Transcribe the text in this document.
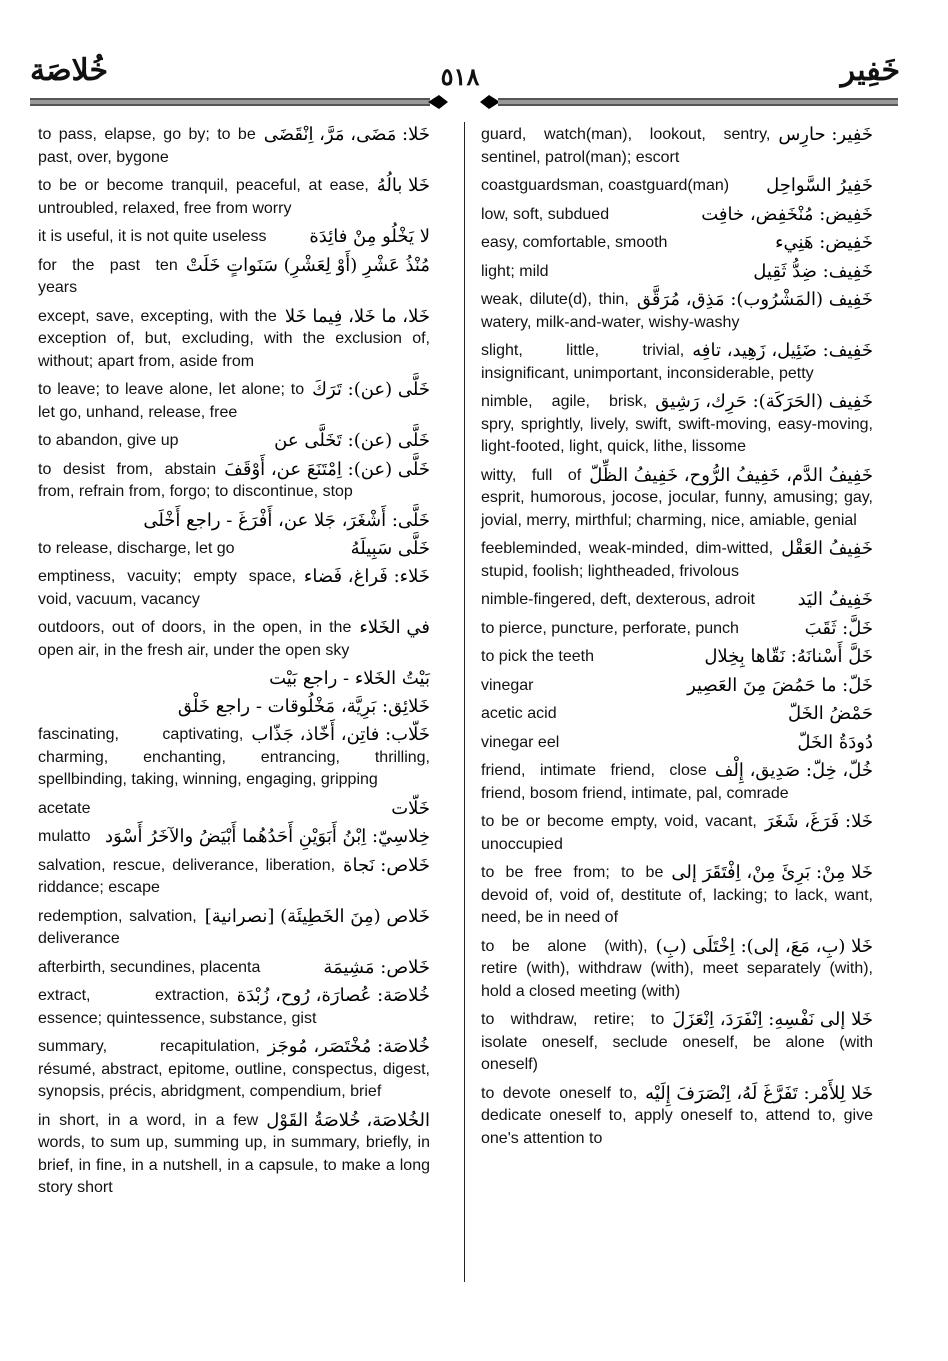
خُلاصَة	٥١٨	خَفِير
خَلا: مَضَى، مَرَّ، اِنْقَضَى
to pass, elapse, go by; to be past, over, bygone
خَلا بالُهُ
to be or become tranquil, peaceful, at ease, untroubled, relaxed, free from worry
لا يَخْلُو مِنْ فائِدَة
it is useful, it is not quite useless
مُنْذُ عَشْرِ (أَوْ لِعَشْرِ) سَنَواتٍ خَلَتْ
for the past ten years
خَلا، ما خَلا، فِيما خَلا
except, save, excepting, with the exception of, but, excluding, with the exclusion of, without; apart from, aside from
خَلَّى (عن): تَرَكَ
to leave; to leave alone, let alone; to let go, unhand, release, free
خَلَّى (عن): تَخَلَّى عن
to abandon, give up
خَلَّى (عن): اِمْتَنَعَ عن، أَوْقَفَ
to desist from, abstain from, refrain from, forgo; to discontinue, stop
خَلَّى: أَشْغَرَ، جَلا عن، أَفْرَغَ - راجع أَخْلَى
خَلَّى سَبِيلَهُ
to release, discharge, let go
خَلاء: فَراغ، فَضاء
emptiness, vacuity; empty space, void, vacuum, vacancy
في الخَلاء
outdoors, out of doors, in the open, in the open air, in the fresh air, under the open sky
بَيْتُ الخَلاء - راجع بَيْت
خَلائِق: بَرِيَّة، مَخْلُوقات - راجع خَلْق
خَلّاب: فاتِن، أَخّاذ، جَذّاب
fascinating, captivating, charming, enchanting, entrancing, thrilling, spellbinding, taking, winning, engaging, gripping
خَلّات
acetate
خِلاسِيّ: اِبْنُ أَبَوَيْنِ أَحَدُهُما أَبْيَضُ والآخَرُ أَسْوَد
mulatto
خَلاص: نَجاة
salvation, rescue, deliverance, liberation, riddance; escape
خَلاص (مِنَ الخَطِيئَة) [نصرانية]
redemption, salvation, deliverance
خَلاص: مَشِيمَة
afterbirth, secundines, placenta
خُلاصَة: عُصارَة، رُوح، زُبْدَة
extract, extraction, essence; quintessence, substance, gist
خُلاصَة: مُخْتَصَر، مُوجَز
summary, recapitulation, résumé, abstract, epitome, outline, conspectus, digest, synopsis, précis, abridgment, compendium, brief
الخُلاصَة، خُلاصَةُ القَوْل
in short, in a word, in a few words, to sum up, summing up, in summary, briefly, in brief, in fine, in a nutshell, in a capsule, to make a long story short
خَفِير: حارِس
guard, watch(man), lookout, sentry, sentinel, patrol(man); escort
خَفِيرُ السَّواحِل
coastguardsman, coastguard(man)
خَفِيض: مُنْخَفِض، خافِت
low, soft, subdued
خَفِيض: هَنِيء
easy, comfortable, smooth
خَفِيف: ضِدُّ ثَقِيل
light; mild
خَفِيف (المَشْرُوب): مَذِق، مُرَقَّق
weak, dilute(d), thin, watery, milk-and-water, wishy-washy
خَفِيف: ضَئِيل، زَهِيد، تافِه
slight, little, trivial, insignificant, unimportant, inconsiderable, petty
خَفِيف (الحَرَكَة): حَرِك، رَشِيق
nimble, agile, brisk, spry, sprightly, lively, swift, swift-moving, easy-moving, light-footed, light, quick, lithe, lissome
خَفِيفُ الدَّم، خَفِيفُ الرُّوح، خَفِيفُ الظِّلّ
witty, full of esprit, humorous, jocose, jocular, funny, amusing; gay, jovial, merry, mirthful; charming, nice, amiable, genial
خَفِيفُ العَقْل
feebleminded, weak-minded, dim-witted, stupid, foolish; lightheaded, frivolous
خَفِيفُ اليَد
nimble-fingered, deft, dexterous, adroit
خَلَّ: ثَقَبَ
to pierce, puncture, perforate, punch
خَلَّ أَسْنانَهُ: نَقّاها بِخِلال
to pick the teeth
خَلّ: ما حَمُضَ مِنَ العَصِير
vinegar
حَمْضُ الخَلّ
acetic acid
دُودَةُ الخَلّ
vinegar eel
خُلّ، خِلّ: صَدِيق، إِلْف
friend, intimate friend, close friend, bosom friend, intimate, pal, comrade
خَلا: فَرَغَ، شَغَرَ
to be or become empty, void, vacant, unoccupied
خَلا مِنْ: بَرِئَ مِنْ، اِفْتَقَرَ إلى
to be free from; to be devoid of, void of, destitute of, lacking; to lack, want, need, be in need of
خَلا (بِ، مَعَ، إلى): اِخْتَلَى (بِ)
to be alone (with), retire (with), withdraw (with), meet separately (with), hold a closed meeting (with)
خَلا إلى نَفْسِهِ: اِنْفَرَدَ، اِنْعَزَلَ
to withdraw, retire; to isolate oneself, seclude oneself, be alone (with oneself)
خَلا لِلأَمْر: تَفَرَّغَ لَهُ، اِنْصَرَفَ إِلَيْه
to devote oneself to, dedicate oneself to, apply oneself to, attend to, give one's attention to
